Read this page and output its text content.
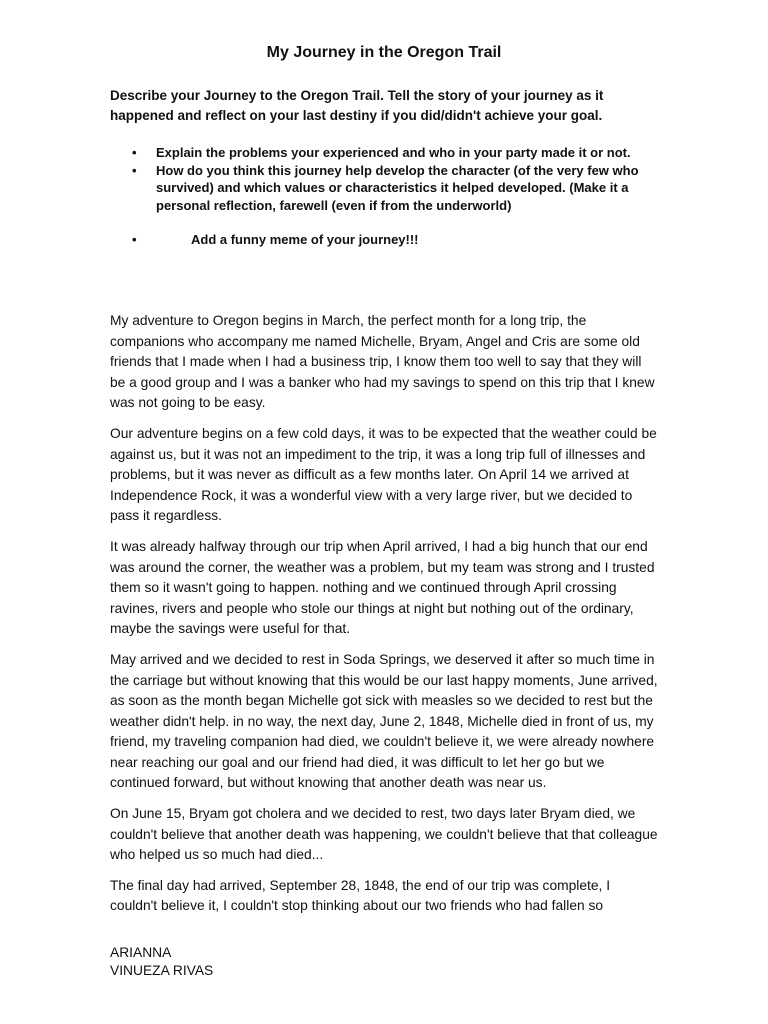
My Journey in the Oregon Trail

Describe your Journey to the Oregon Trail. Tell the story of your journey as it happened and reflect on your last destiny if you did/didn't achieve your goal.

• Explain the problems your experienced and who in your party made it or not.
• How do you think this journey help develop the character (of the very few who survived) and which values or characteristics it helped developed. (Make it a personal reflection, farewell (even if from the underworld)
•	Add a funny meme of your journey!!!

My adventure to Oregon begins in March, the perfect month for a long trip, the companions who accompany me named Michelle, Bryam, Angel and Cris are some old friends that I made when I had a business trip, I know them too well to say that they will be a good group and I was a banker who had my savings to spend on this trip that I knew was not going to be easy.

Our adventure begins on a few cold days, it was to be expected that the weather could be against us, but it was not an impediment to the trip, it was a long trip full of illnesses and problems, but it was never as difficult as a few months later. On April 14 we arrived at Independence Rock, it was a wonderful view with a very large river, but we decided to pass it regardless.

It was already halfway through our trip when April arrived, I had a big hunch that our end was around the corner, the weather was a problem, but my team was strong and I trusted them so it wasn't going to happen. nothing and we continued through April crossing ravines, rivers and people who stole our things at night but nothing out of the ordinary, maybe the savings were useful for that.

May arrived and we decided to rest in Soda Springs, we deserved it after so much time in the carriage but without knowing that this would be our last happy moments, June arrived, as soon as the month began Michelle got sick with measles so we decided to rest but the weather didn't help. in no way, the next day, June 2, 1848, Michelle died in front of us, my friend, my traveling companion had died, we couldn't believe it, we were already nowhere near reaching our goal and our friend had died, it was difficult to let her go but we continued forward, but without knowing that another death was near us.

On June 15, Bryam got cholera and we decided to rest, two days later Bryam died, we couldn't believe that another death was happening, we couldn't believe that that colleague who helped us so much had died...

The final day had arrived, September 28, 1848, the end of our trip was complete, I couldn't believe it, I couldn't stop thinking about our two friends who had fallen so

ARIANNA
VINUEZA RIVAS
